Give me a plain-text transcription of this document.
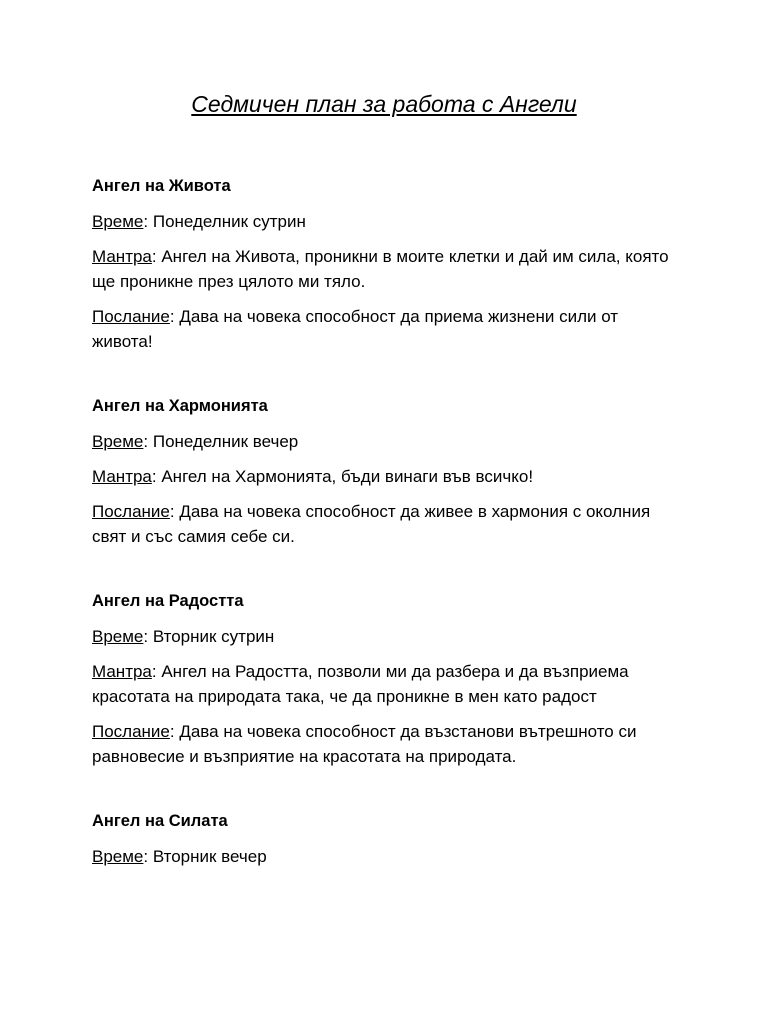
Седмичен план за работа с Ангели
Ангел на Живота

Време: Понеделник сутрин

Мантра: Ангел на Живота, проникни в моите клетки и дай им сила, която ще проникне през цялото ми тяло.

Послание: Дава на човека способност да приема жизнени сили от живота!

Ангел на Хармонията

Време: Понеделник вечер

Мантра: Ангел на Хармонията, бъди винаги във всичко!

Послание: Дава на човека способност да живее в хармония с околния свят и със самия себе си.

Ангел на Радостта

Време: Вторник сутрин

Мантра: Ангел на Радостта, позволи ми да разбера и да възприема красотата на природата така, че да проникне в мен като радост

Послание: Дава на човека способност да възстанови вътрешното си равновесие и възприятие на красотата на природата.

Ангел на Силата

Време: Вторник вечер
